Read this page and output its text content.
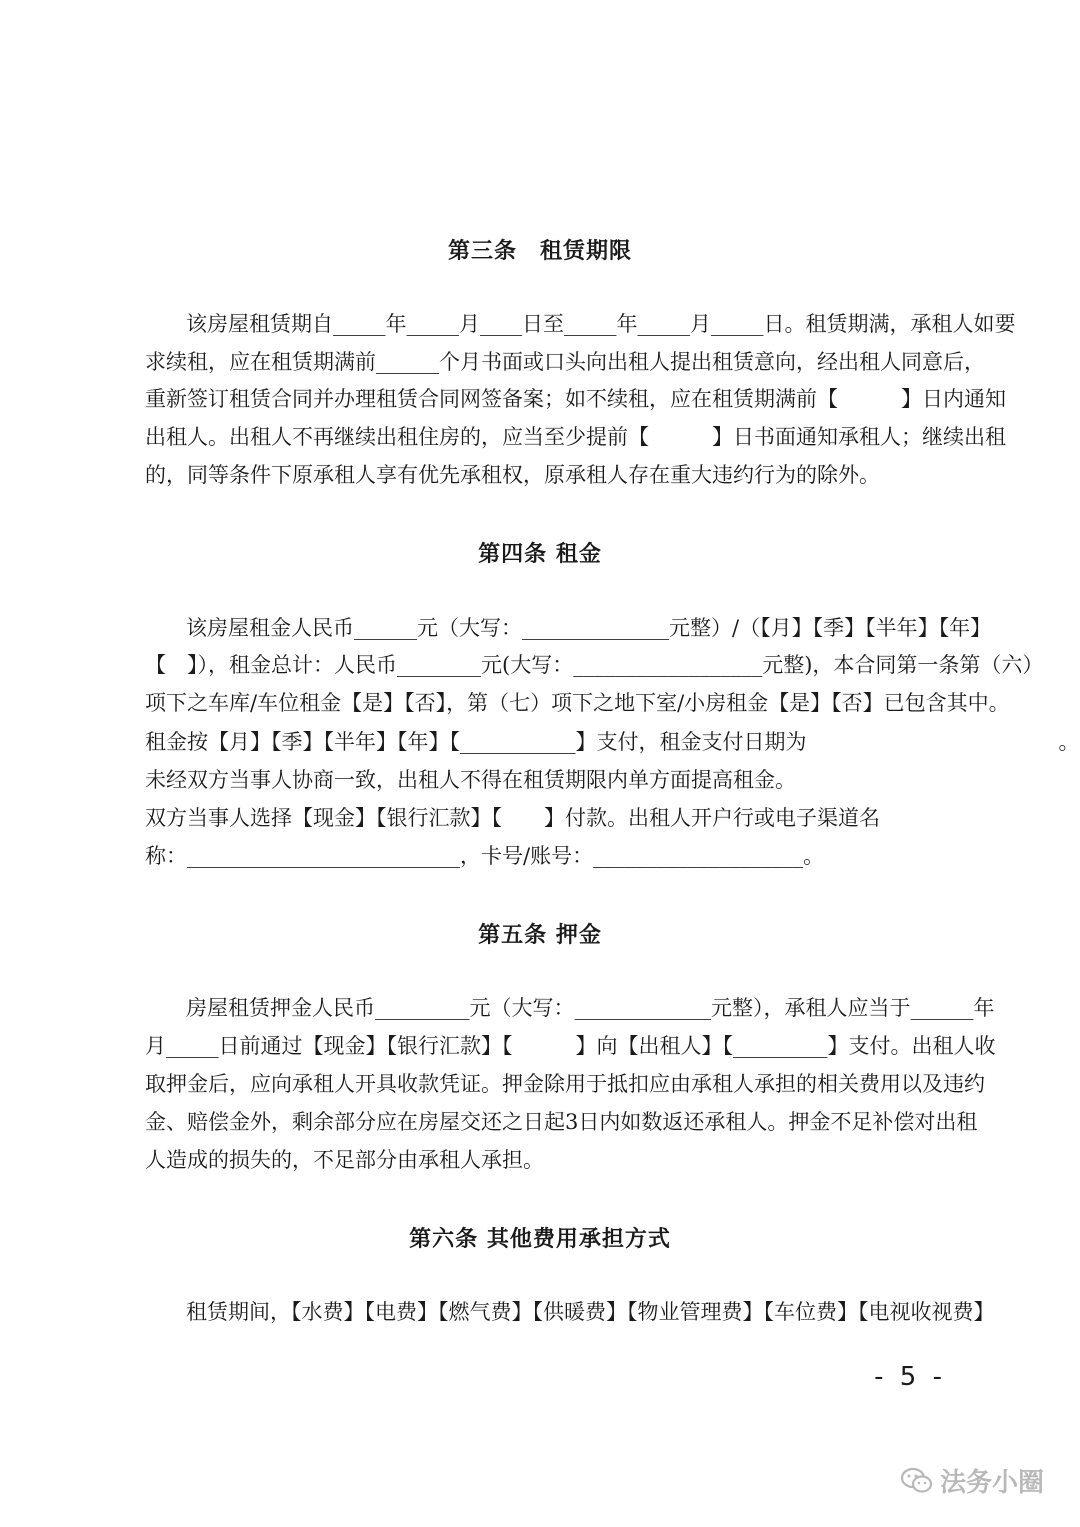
第三条　租赁期限
该房屋租赁期自_____年_____月____日至_____年_____月_____日。租赁期满，承租人如要
求续租，应在租赁期满前______个月书面或口头向出租人提出租赁意向，经出租人同意后，
重新签订租赁合同并办理租赁合同网签备案；如不续租，应在租赁期满前【　　　】日内通知
出租人。出租人不再继续出租住房的，应当至少提前【　　　】日书面通知承租人；继续出租
的，同等条件下原承租人享有优先承租权，原承租人存在重大违约行为的除外。
第四条 租金
该房屋租金人民币______元（大写：______________元整）/（【月】【季】【半年】【年】
【　】），租金总计：人民币________元(大写：__________________元整)，本合同第一条第（六）
项下之车库/车位租金【是】【否】，第（七）项下之地下室/小房租金【是】【否】已包含其中。
租金按【月】【季】【半年】【年】【___________】支付，租金支付日期为　　　　　　　　　　　　。
未经双方当事人协商一致，出租人不得在租赁期限内单方面提高租金。
双方当事人选择【现金】【银行汇款】【　　】付款。出租人开户行或电子渠道名
称：__________________________，卡号/账号：____________________。
第五条 押金
房屋租赁押金人民币_________元（大写：_____________元整），承租人应当于______年
月_____日前通过【现金】【银行汇款】【　　　】向【出租人】【_________】支付。出租人收
取押金后，应向承租人开具收款凭证。押金除用于抵扣应由承租人承担的相关费用以及违约
金、赔偿金外，剩余部分应在房屋交还之日起3日内如数返还承租人。押金不足补偿对出租
人造成的损失的，不足部分由承租人承担。
第六条 其他费用承担方式
租赁期间，【水费】【电费】【燃气费】【供暖费】【物业管理费】【车位费】【电视收视费】
- 5 -
法务小圈
